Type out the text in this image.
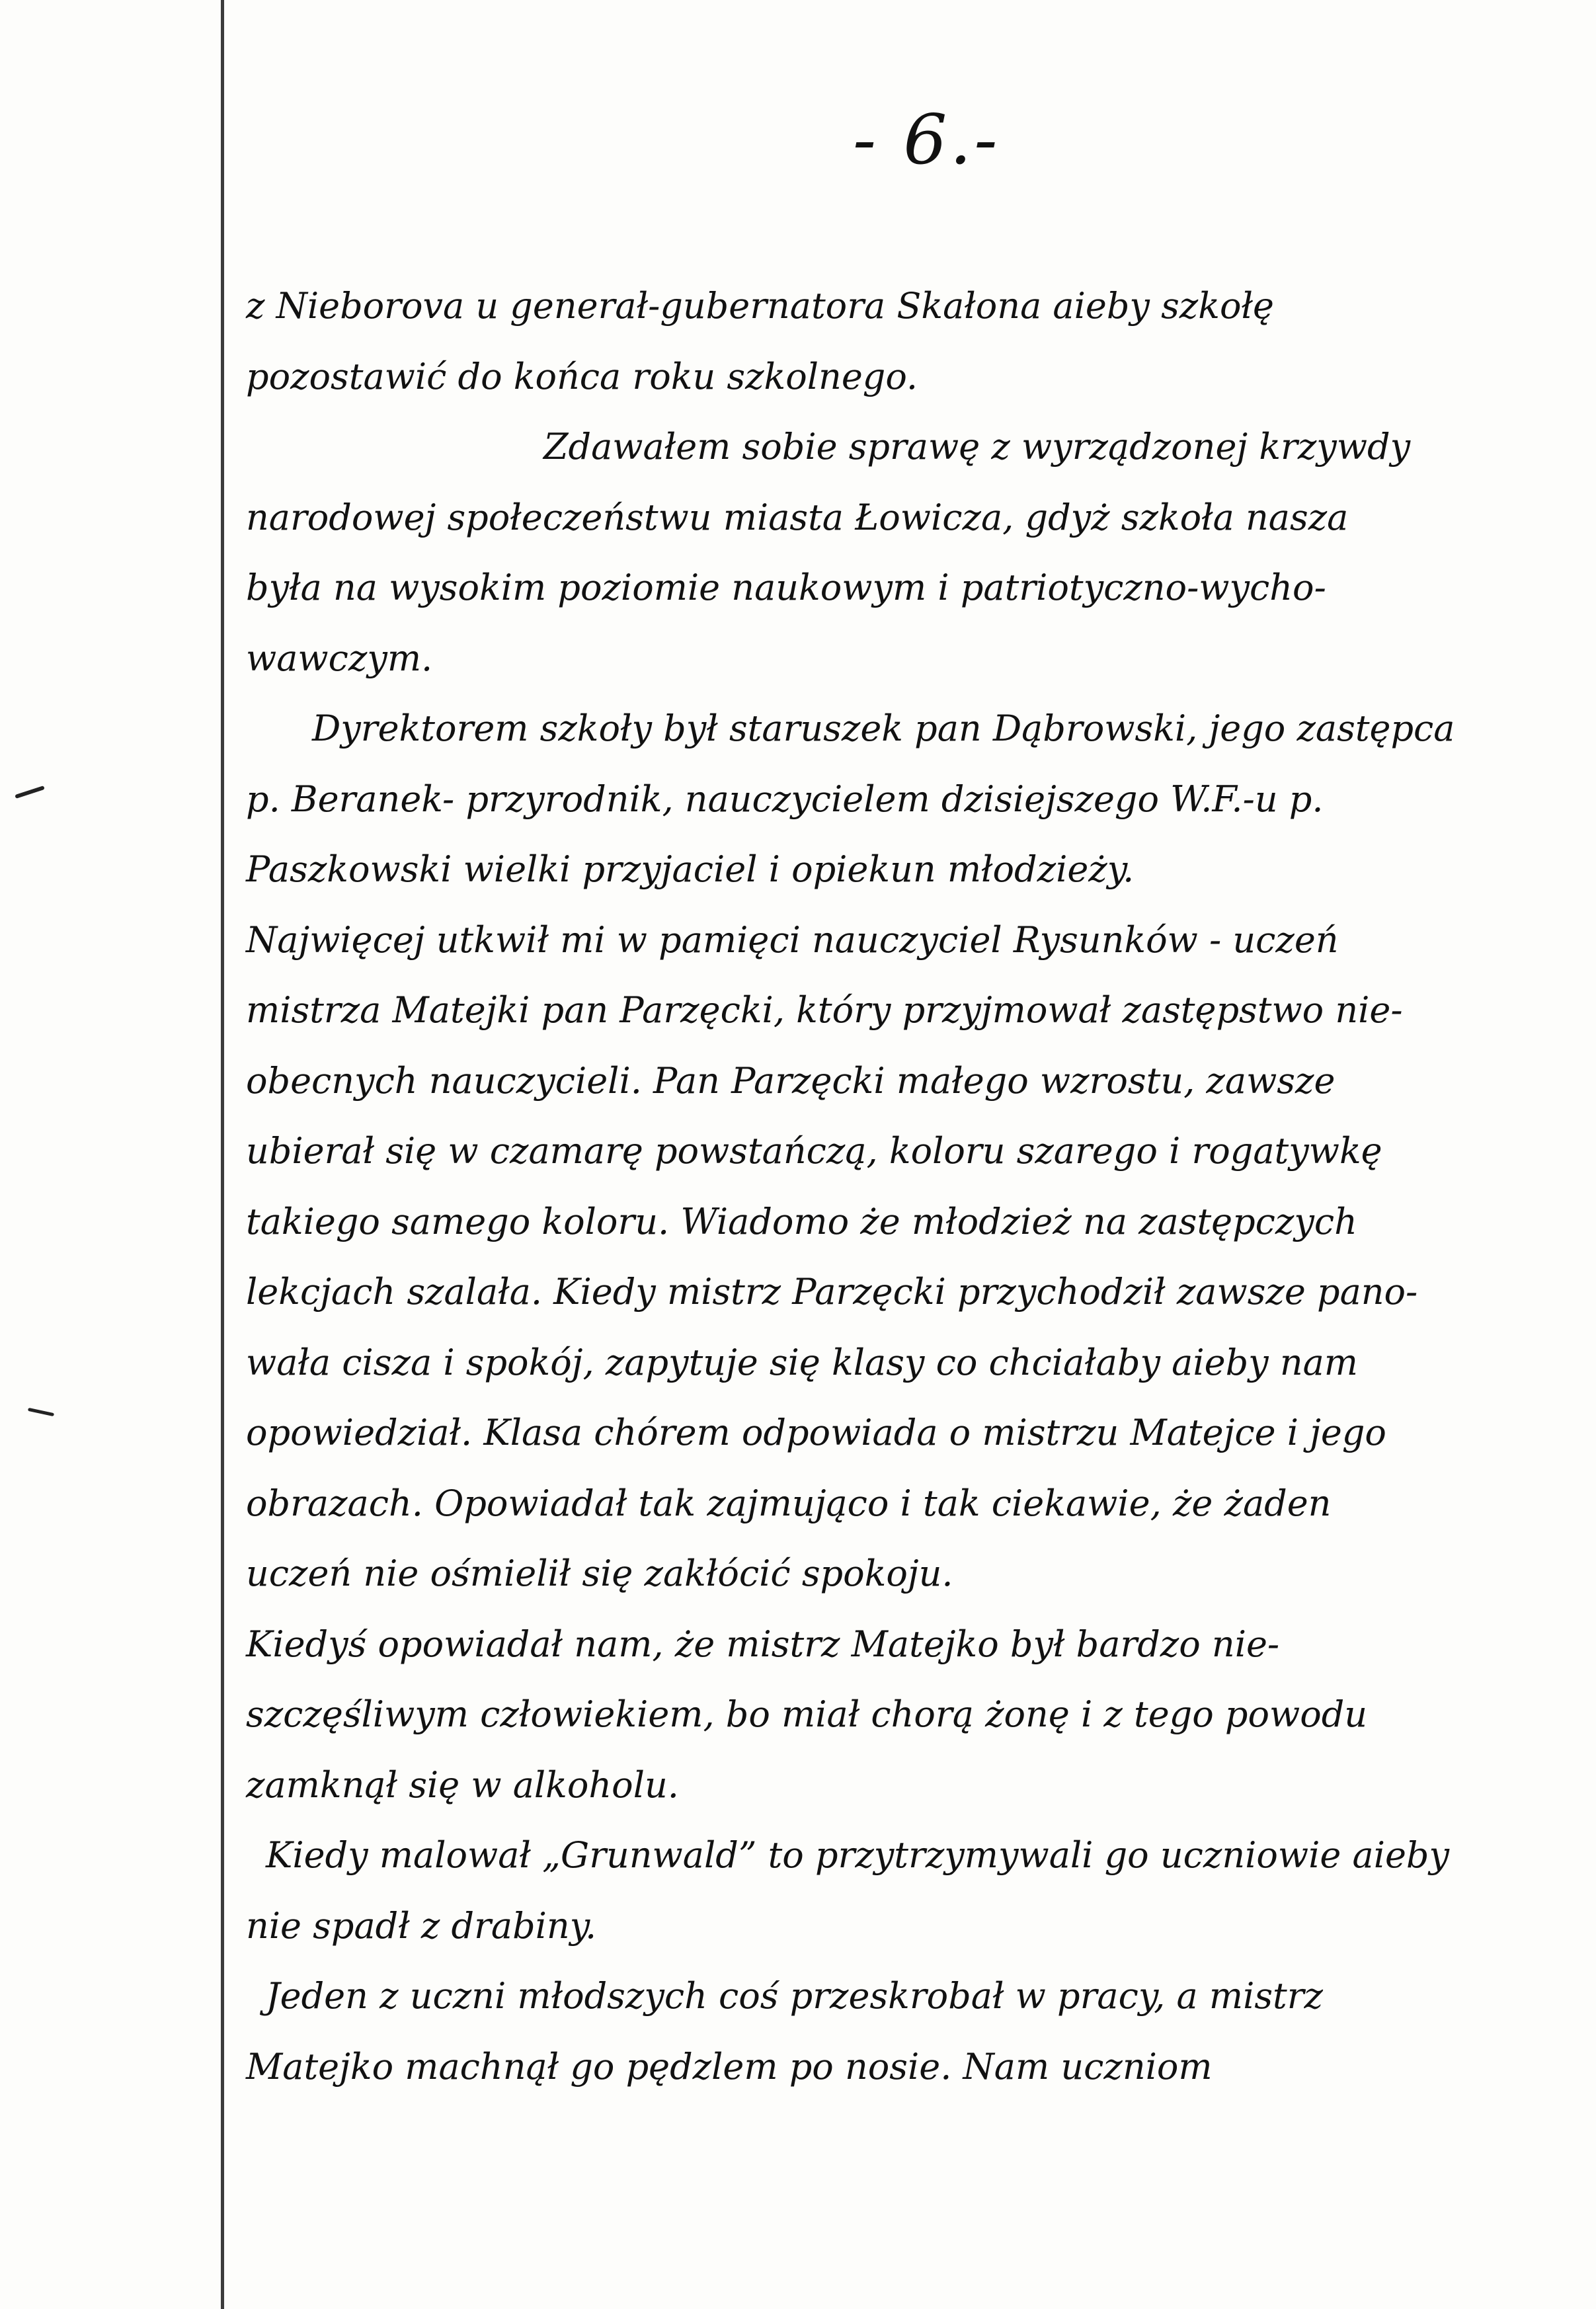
- 6.-
z Nieborova u generał-gubernatora Skałona aieby szkołę
pozostawić do końca roku szkolnego.
Zdawałem sobie sprawę z wyrządzonej krzywdy
narodowej społeczeństwu miasta Łowicza, gdyż szkoła nasza
była na wysokim poziomie naukowym i patriotyczno-wycho-
wawczym.
Dyrektorem szkoły był staruszek pan Dąbrowski, jego zastępca
p. Beranek- przyrodnik, nauczycielem dzisiejszego W.F.-u p.
Paszkowski wielki przyjaciel i opiekun młodzieży.
Najwięcej utkwił mi w pamięci nauczyciel Rysunków - uczeń
mistrza Matejki pan Parzęcki, który przyjmował zastępstwo nie-
obecnych nauczycieli. Pan Parzęcki małego wzrostu, zawsze
ubierał się w czamarę powstańczą, koloru szarego i rogatywkę
takiego samego koloru. Wiadomo że młodzież na zastępczych
lekcjach szalała. Kiedy mistrz Parzęcki przychodził zawsze pano-
wała cisza i spokój, zapytuje się klasy co chciałaby aieby nam
opowiedział. Klasa chórem odpowiada o mistrzu Matejce i jego
obrazach. Opowiadał tak zajmująco i tak ciekawie, że żaden
uczeń nie ośmielił się zakłócić spokoju.
Kiedyś opowiadał nam, że mistrz Matejko był bardzo nie-
szczęśliwym człowiekiem, bo miał chorą żonę i z tego powodu
zamknął się w alkoholu.
Kiedy malował „Grunwald” to przytrzymywali go uczniowie aieby
nie spadł z drabiny.
Jeden z uczni młodszych coś przeskrobał w pracy, a mistrz
Matejko machnął go pędzlem po nosie. Nam uczniom
